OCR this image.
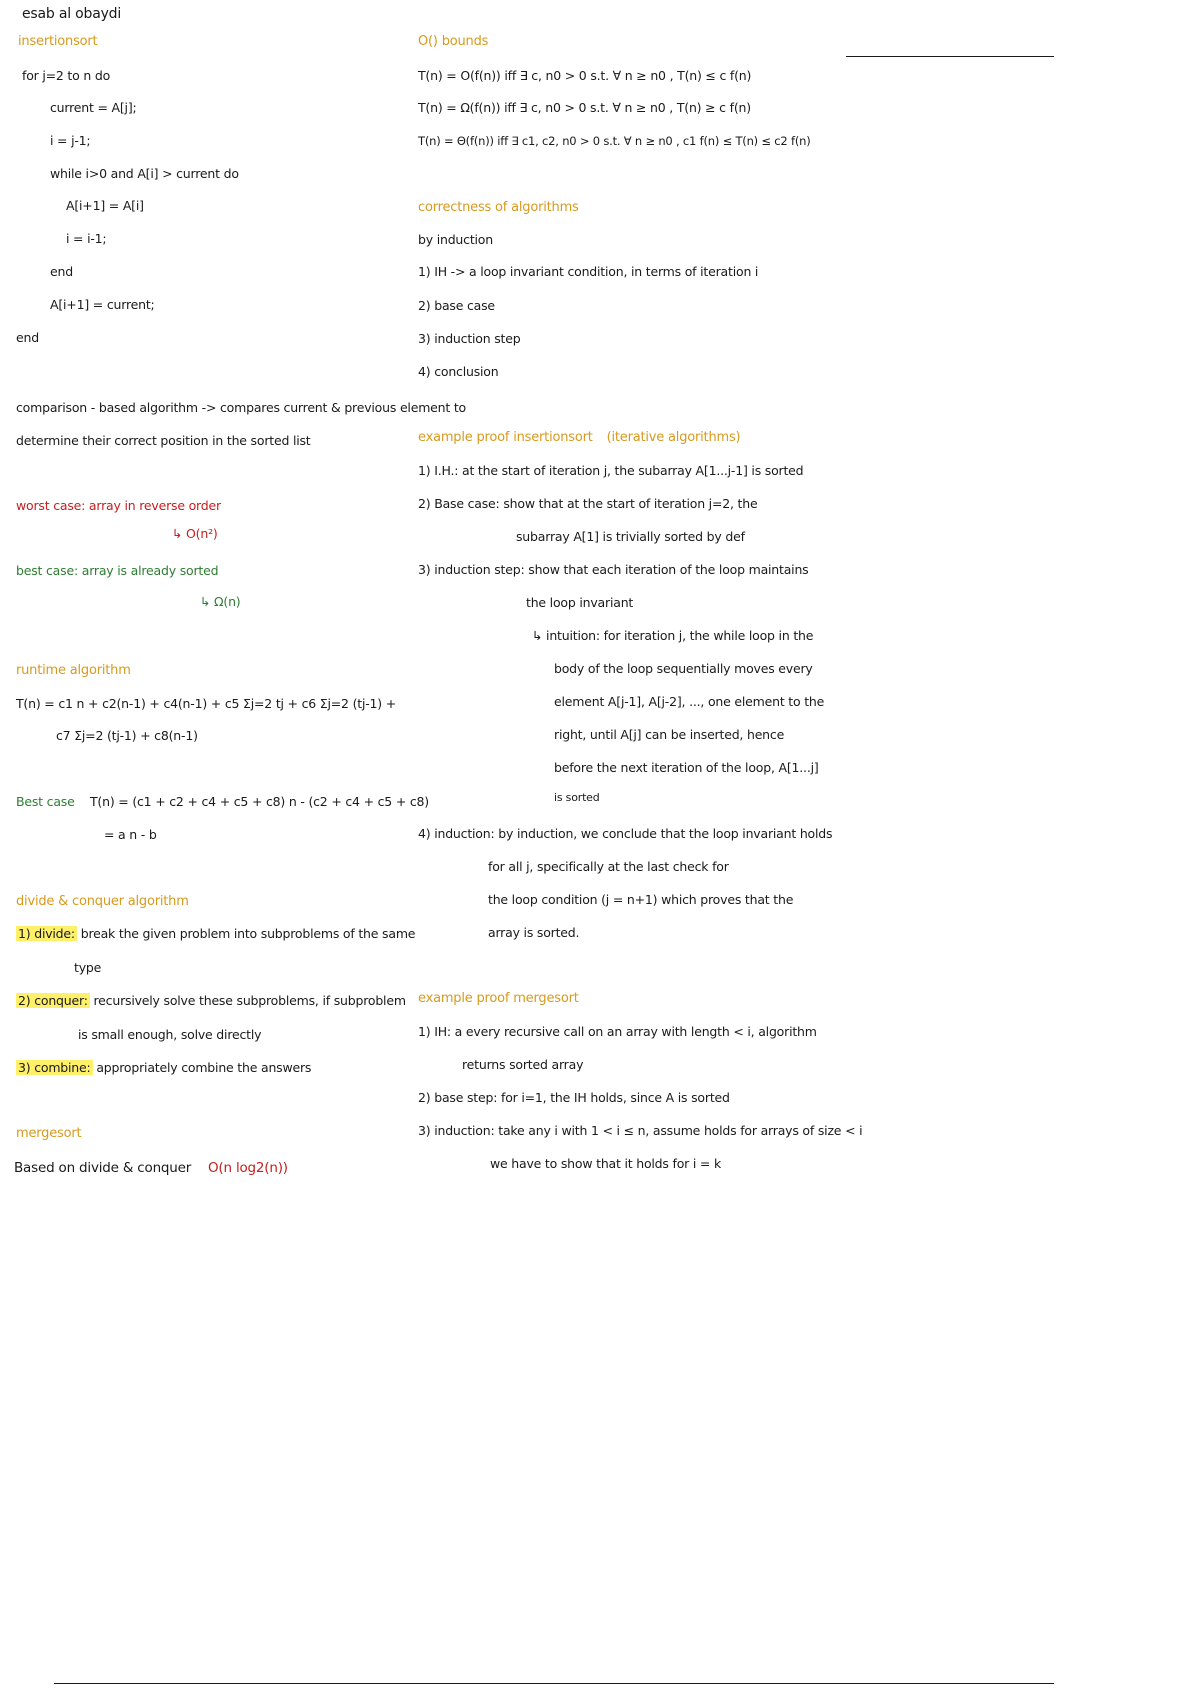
esab al obaydi
insertionsort
for j=2 to n do
current = A[j];
i = j-1;
while i>0 and A[i] > current do
A[i+1] = A[i]
i = i-1;
end
A[i+1] = current;
end
comparison - based algorithm -> compares current & previous element to
determine their correct position in the sorted list
worst case: array in reverse order
↳ O(n²)
best case: array is already sorted
↳ Ω(n)
runtime algorithm
T(n) = c1 n + c2(n-1) + c4(n-1) + c5 Σj=2 tj + c6 Σj=2 (tj-1) +
c7 Σj=2 (tj-1) + c8(n-1)
Best case T(n) = (c1 + c2 + c4 + c5 + c8) n - (c2 + c4 + c5 + c8)
= a n - b
divide & conquer algorithm
1) divide: break the given problem into subproblems of the same
type
2) conquer: recursively solve these subproblems, if subproblem
is small enough, solve directly
3) combine: appropriately combine the answers
mergesort
Based on divide & conquer O(n log2(n))
O() bounds
T(n) = O(f(n)) iff ∃ c, n0 > 0 s.t. ∀ n ≥ n0 , T(n) ≤ c f(n)
T(n) = Ω(f(n)) iff ∃ c, n0 > 0 s.t. ∀ n ≥ n0 , T(n) ≥ c f(n)
T(n) = Θ(f(n)) iff ∃ c1, c2, n0 > 0 s.t. ∀ n ≥ n0 , c1 f(n) ≤ T(n) ≤ c2 f(n)
correctness of algorithms
by induction
1) IH -> a loop invariant condition, in terms of iteration i
2) base case
3) induction step
4) conclusion
example proof insertionsort (iterative algorithms)
1) I.H.: at the start of iteration j, the subarray A[1...j-1] is sorted
2) Base case: show that at the start of iteration j=2, the
subarray A[1] is trivially sorted by def
3) induction step: show that each iteration of the loop maintains
the loop invariant
↳ intuition: for iteration j, the while loop in the
body of the loop sequentially moves every
element A[j-1], A[j-2], ..., one element to the
right, until A[j] can be inserted, hence
before the next iteration of the loop, A[1...j]
is sorted
4) induction: by induction, we conclude that the loop invariant holds
for all j, specifically at the last check for
the loop condition (j = n+1) which proves that the
array is sorted.
example proof mergesort
1) IH: a every recursive call on an array with length < i, algorithm
returns sorted array
2) base step: for i=1, the IH holds, since A is sorted
3) induction: take any i with 1 < i ≤ n, assume holds for arrays of size < i
we have to show that it holds for i = k
